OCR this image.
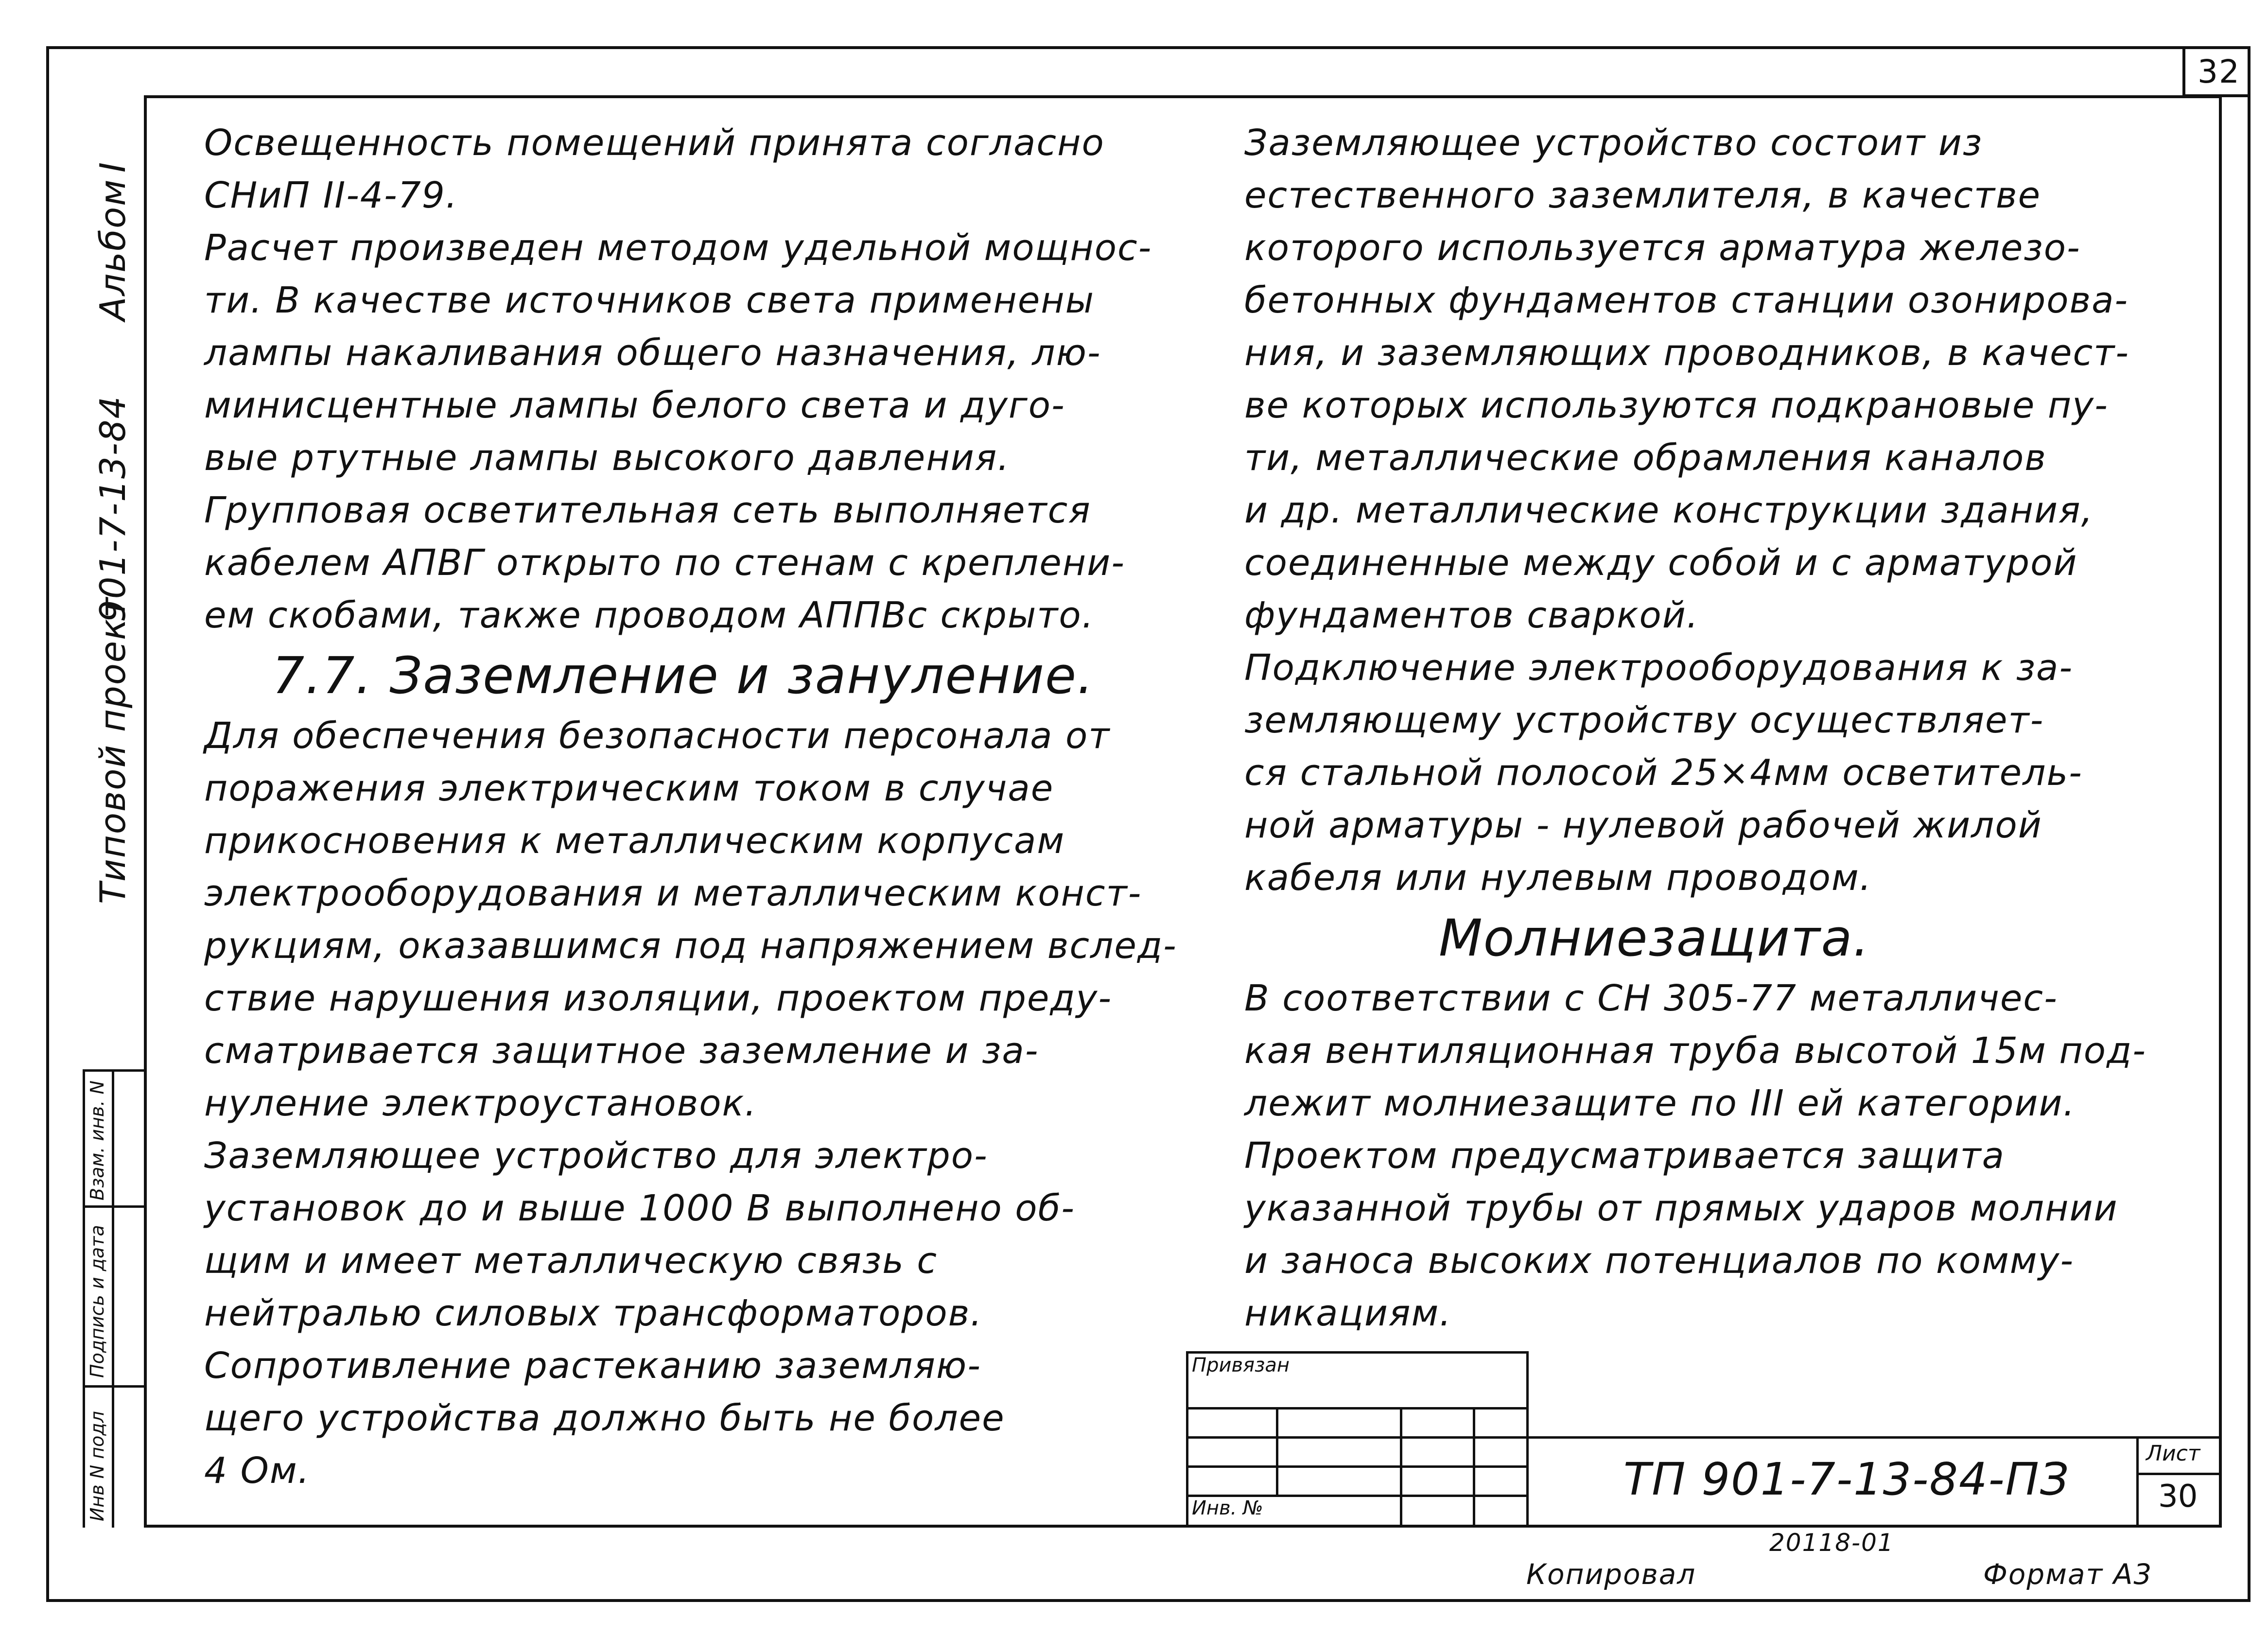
32
I
Альбом
901-7-13-84
Типовой проект
Взам. инв. N
Подпись и дата
Инв N подл

Освещенность помещений принята согласно
СНиП II-4-79.
Расчет произведен методом удельной мощнос-
ти. В качестве источников света применены
лампы накаливания общего назначения, лю-
минисцентные лампы белого света и дуго-
вые ртутные лампы высокого давления.
Групповая осветительная сеть выполняется
кабелем АПВГ открыто по стенам с креплени-
ем скобами, также проводом АППВс скрыто.
7.7. Заземление и зануление.
Для обеспечения безопасности персонала от
поражения электрическим током в случае
прикосновения к металлическим корпусам
электрооборудования и металлическим конст-
рукциям, оказавшимся под напряжением вслед-
ствие нарушения изоляции, проектом преду-
сматривается защитное заземление и за-
нуление электроустановок.
Заземляющее устройство для электро-
установок до и выше 1000 В выполнено об-
щим и имеет металлическую связь с
нейтралью силовых трансформаторов.
Сопротивление растеканию заземляю-
щего устройства должно быть не более
4 Ом.

Заземляющее устройство состоит из
естественного заземлителя, в качестве
которого используется арматура железо-
бетонных фундаментов станции озонирова-
ния, и заземляющих проводников, в качест-
ве которых используются подкрановые пу-
ти, металлические обрамления каналов
и др. металлические конструкции здания,
соединенные между собой и с арматурой
фундаментов сваркой.
Подключение электрооборудования к за-
земляющему устройству осуществляет-
ся стальной полосой 25×4мм осветитель-
ной арматуры - нулевой рабочей жилой
кабеля или нулевым проводом.
Молниезащита.
В соответствии с СН 305-77 металличес-
кая вентиляционная труба высотой 15м под-
лежит молниезащите по III ей категории.
Проектом предусматривается защита
указанной трубы от прямых ударов молнии
и заноса высоких потенциалов по комму-
никациям.

Привязан
Инв. №
ТП 901-7-13-84-ПЗ	Лист
30
20118-01
Копировал	Формат А3
